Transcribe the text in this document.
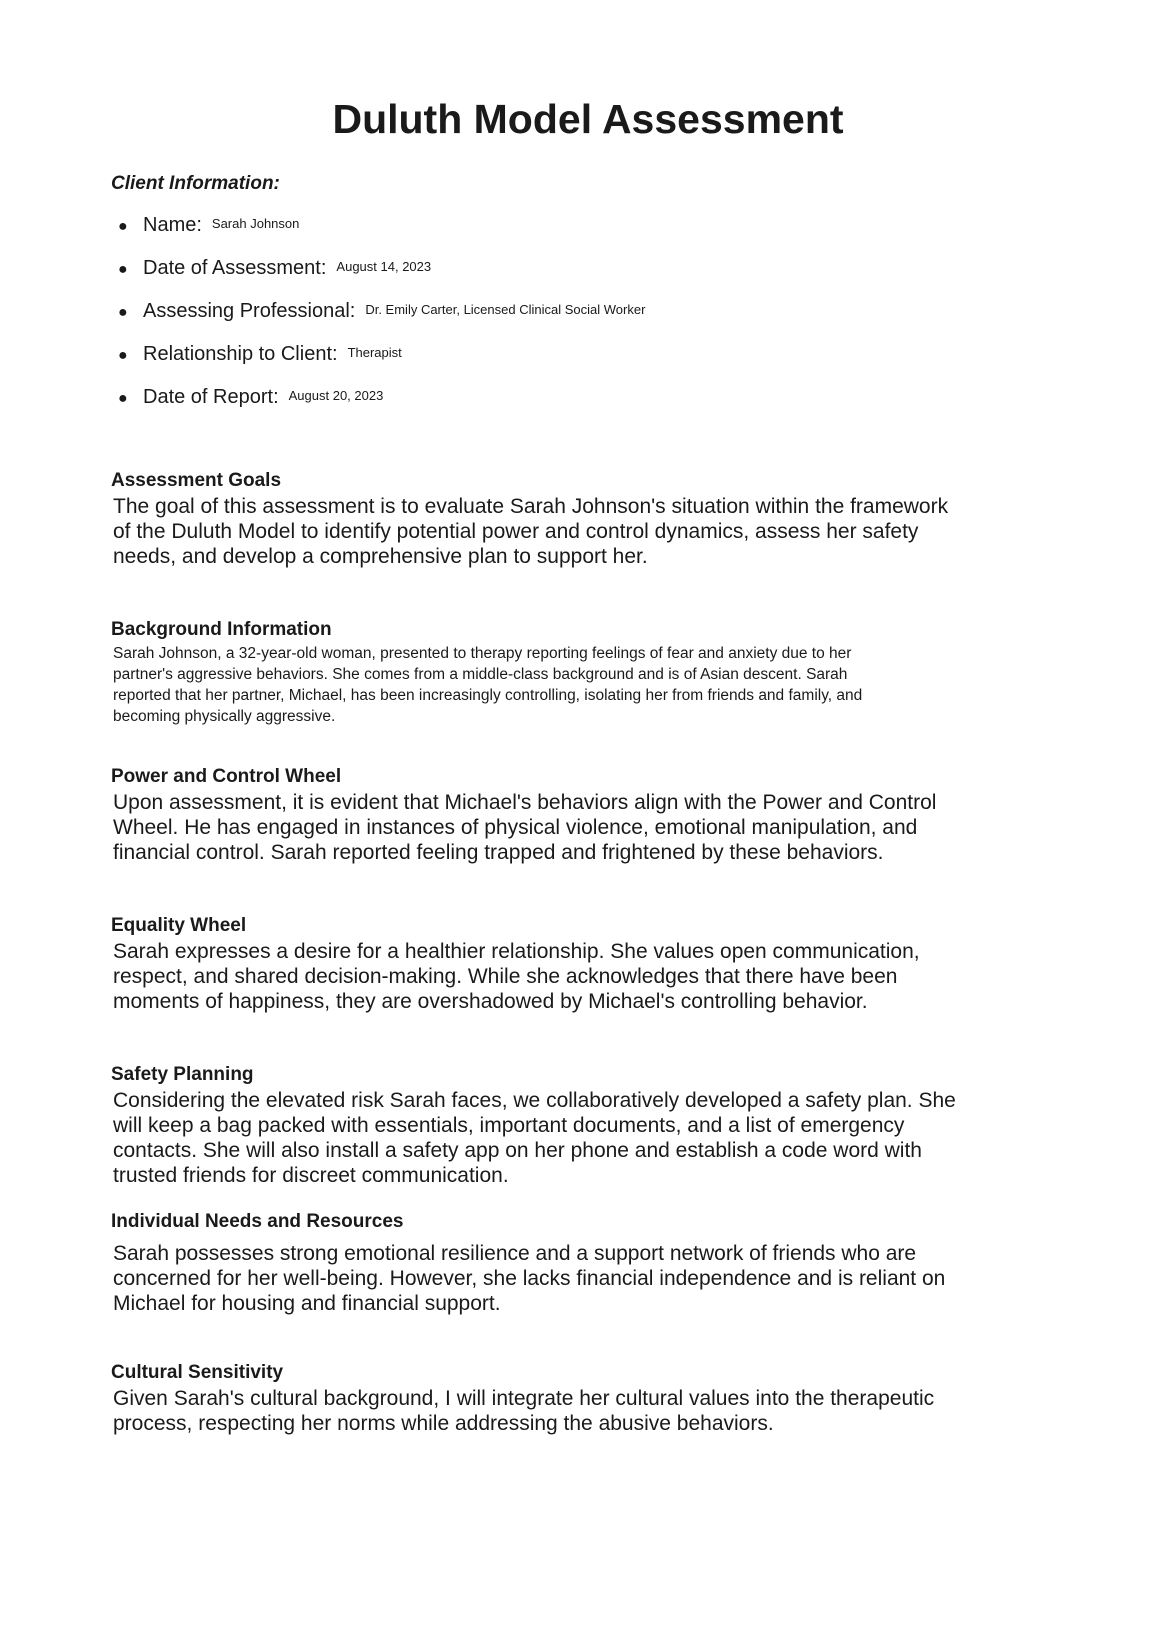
Duluth Model Assessment
Client Information:
● Name: Sarah Johnson
● Date of Assessment: August 14, 2023
● Assessing Professional: Dr. Emily Carter, Licensed Clinical Social Worker
● Relationship to Client: Therapist
● Date of Report: August 20, 2023
Assessment Goals
The goal of this assessment is to evaluate Sarah Johnson's situation within the framework
of the Duluth Model to identify potential power and control dynamics, assess her safety
needs, and develop a comprehensive plan to support her.
Background Information
Sarah Johnson, a 32-year-old woman, presented to therapy reporting feelings of fear and anxiety due to her
partner's aggressive behaviors. She comes from a middle-class background and is of Asian descent. Sarah
reported that her partner, Michael, has been increasingly controlling, isolating her from friends and family, and
becoming physically aggressive.
Power and Control Wheel
Upon assessment, it is evident that Michael's behaviors align with the Power and Control
Wheel. He has engaged in instances of physical violence, emotional manipulation, and
financial control. Sarah reported feeling trapped and frightened by these behaviors.
Equality Wheel
Sarah expresses a desire for a healthier relationship. She values open communication,
respect, and shared decision-making. While she acknowledges that there have been
moments of happiness, they are overshadowed by Michael's controlling behavior.
Safety Planning
Considering the elevated risk Sarah faces, we collaboratively developed a safety plan. She
will keep a bag packed with essentials, important documents, and a list of emergency
contacts. She will also install a safety app on her phone and establish a code word with
trusted friends for discreet communication.
Individual Needs and Resources
Sarah possesses strong emotional resilience and a support network of friends who are
concerned for her well-being. However, she lacks financial independence and is reliant on
Michael for housing and financial support.
Cultural Sensitivity
Given Sarah's cultural background, I will integrate her cultural values into the therapeutic
process, respecting her norms while addressing the abusive behaviors.
